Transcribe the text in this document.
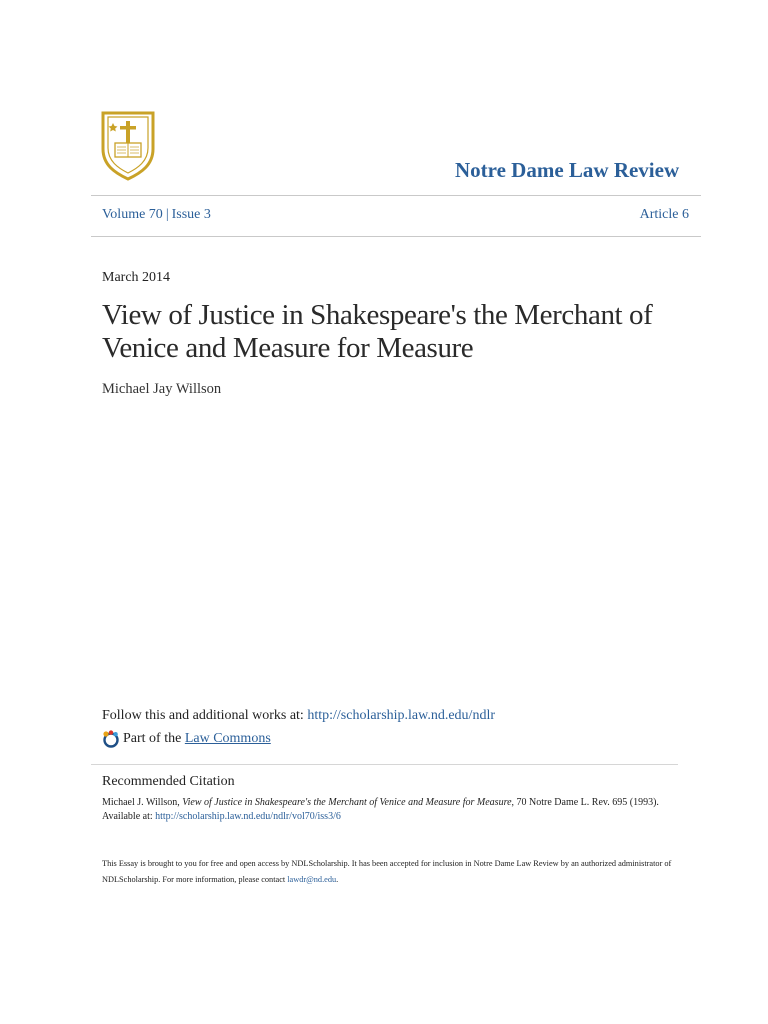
Notre Dame Law Review
Volume 70 | Issue 3	Article 6
March 2014
View of Justice in Shakespeare's the Merchant of Venice and Measure for Measure
Michael Jay Willson
Follow this and additional works at: http://scholarship.law.nd.edu/ndlr
Part of the
Law Commons
Recommended Citation
Michael J. Willson, View of Justice in Shakespeare's the Merchant of Venice and Measure for Measure, 70 Notre Dame L. Rev. 695 (1993).
Available at: http://scholarship.law.nd.edu/ndlr/vol70/iss3/6
This Essay is brought to you for free and open access by NDLScholarship. It has been accepted for inclusion in Notre Dame Law Review by an authorized administrator of NDLScholarship. For more information, please contact lawdr@nd.edu.
